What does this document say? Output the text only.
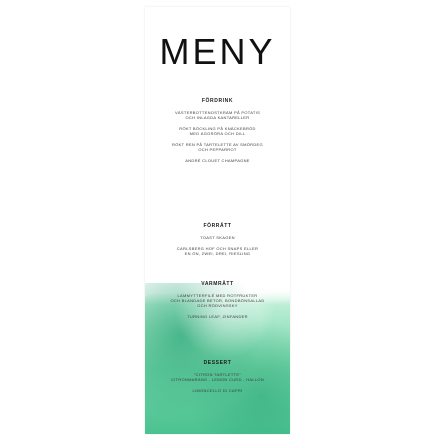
MENY
FÖRDRINK
VÄSTERBOTTENOSTKRÄM PÅ POTATIS
OCH INLAGDA KANTARELLER
RÖKT BÖCKLING PÅ KNÄCKEBRÖD
MED ÄGGRÖRA OCH DILL
RÖKT REN PÅ TARTELETTE AV SMÖRDEG
OCH PEPPARROT
ANDRÉ CLOUET CHAMPAGNE
FÖRRÄTT
TOAST SKAGEN
CARLSBERG HOF OCH SNAPS ELLER
EN ÖN, ZWEI, DREI, RIESLING
VARMRÄTT
LAMMYTTERFILÉ MED ROTFRUKTER
OCH BLANDADE BETOR, BONDBÖNSALLAD
OCH RÖDVINSSKY
TURNING LEAF, ZINFANDER
DESSERT
"CITRON TARTLETTE"
CITRONMARÄNG - LEMON CURD - HALLON
LIMONCELLO DI CAPRI
